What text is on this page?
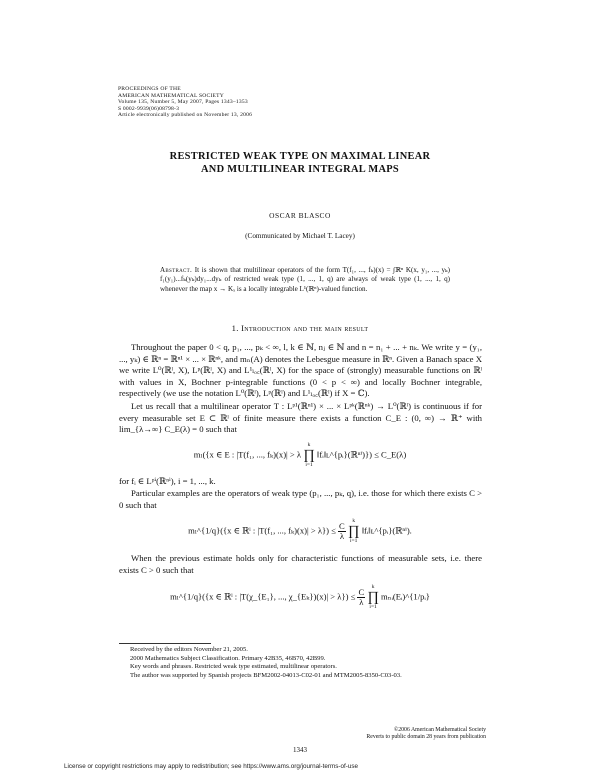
PROCEEDINGS OF THE
AMERICAN MATHEMATICAL SOCIETY
Volume 135, Number 5, May 2007, Pages 1343–1353
S 0002-9939(06)08798-3
Article electronically published on November 13, 2006
RESTRICTED WEAK TYPE ON MAXIMAL LINEAR
AND MULTILINEAR INTEGRAL MAPS
OSCAR BLASCO
(Communicated by Michael T. Lacey)
Abstract. It is shown that multilinear operators of the form T(f₁, ..., fₖ)(x) = ∫ℝⁿ K(x, y₁, ..., yₖ) f₁(y₁)...fₖ(yₖ)dy₁...dyₖ of restricted weak type (1, ..., 1, q) are always of weak type (1, ..., 1, q) whenever the map x → Kₓ is a locally integrable L¹(ℝⁿ)-valued function.
1. Introduction and the main result
Throughout the paper 0 < q, p₁, ..., pₖ < ∞, l, k ∈ ℕ, nⱼ ∈ ℕ and n = n₁ + ... + nₖ. We write y = (y₁, ..., yₖ) ∈ ℝⁿ = ℝⁿ¹ × ... × ℝⁿᵏ, and mₙ(A) denotes the Lebesgue measure in ℝⁿ. Given a Banach space X we write L⁰(ℝˡ, X), Lᵖ(ℝˡ, X) and L¹ₗₒ꜀(ℝˡ, X) for the space of (strongly) measurable functions on ℝˡ with values in X, Bochner p-integrable functions (0 < p < ∞) and locally Bochner integrable, respectively (we use the notation L⁰(ℝˡ), Lᵖ(ℝˡ) and L¹ₗₒ꜀(ℝˡ) if X = ℂ).
Let us recall that a multilinear operator T : Lᵖ¹(ℝⁿ¹) × ... × Lᵖᵏ(ℝⁿᵏ) → L⁰(ℝˡ) is continuous if for every measurable set E ⊂ ℝˡ of finite measure there exists a function C_E : (0, ∞) → ℝ⁺ with lim_{λ→∞} C_E(λ) = 0 such that
mₗ({x ∈ E : |T(f₁, ..., fₖ)(x)| > λ
k
∏
i=1
‖fᵢ‖ʟ^{pᵢ}(ℝⁿⁱ)}) ≤ C_E(λ)
for fᵢ ∈ Lᵖⁱ(ℝⁿⁱ), i = 1, ..., k.
Particular examples are the operators of weak type (p₁, ..., pₖ, q), i.e. those for which there exists C > 0 such that
mₗ^{1/q}({x ∈ ℝˡ : |T(f₁, ..., $f_k)(x)| > \lambda\}) \le \frac{C}{\lambda}$

k
∏
i=1
‖fᵢ‖ʟ^{pᵢ}(ℝⁿⁱ).
When the previous estimate holds only for characteristic functions of measurable sets, i.e. there exists C > 0 such that
mₗ^{1/q}({x ∈ ℝˡ : |T(χ_{E₁}, ..., χ_{Eₖ})(x)| > $\lambda\}) \le \frac{C}{\lambda}$

k
∏
i=1
mₙᵢ(Eᵢ)^{1/pᵢ}
Received by the editors November 21, 2005.
2000 Mathematics Subject Classification. Primary 42B35, 46B70, 42B99.
Key words and phrases. Restricted weak type estimated, multilinear operators.
The author was supported by Spanish projects BFM2002-04013-C02-01 and MTM2005-8350-C03-03.
©2006 American Mathematical Society
Reverts to public domain 28 years from publication
1343
License or copyright restrictions may apply to redistribution; see https://www.ams.org/journal-terms-of-use
